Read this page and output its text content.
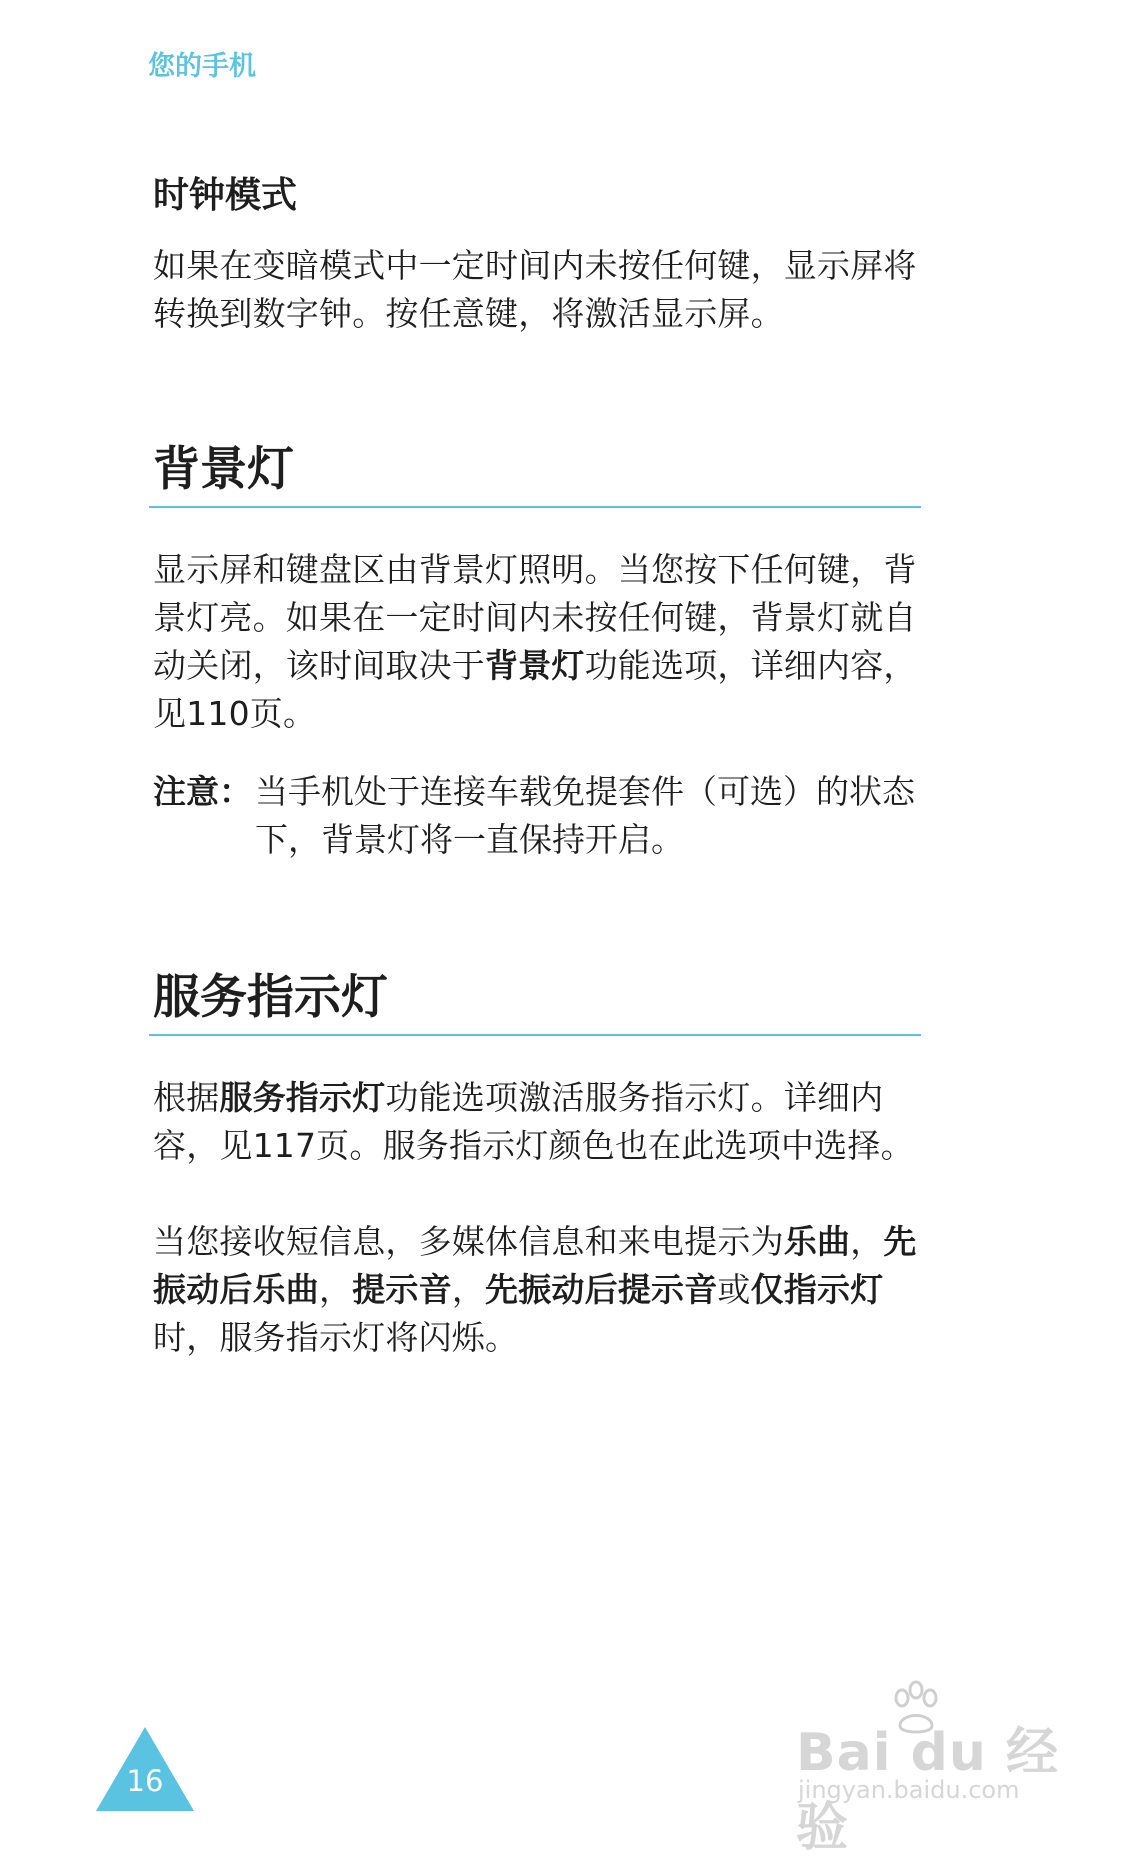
您的手机
时钟模式

如果在变暗模式中一定时间内未按任何键，显示屏将转换到数字钟。按任意键，将激活显示屏。

背景灯

显示屏和键盘区由背景灯照明。当您按下任何键，背景灯亮。如果在一定时间内未按任何键，背景灯就自动关闭，该时间取决于背景灯功能选项，详细内容，见110页。

注意： 当手机处于连接车载免提套件（可选）的状态下，背景灯将一直保持开启。
服务指示灯

根据服务指示灯功能选项激活服务指示灯。详细内容，见117页。服务指示灯颜色也在此选项中选择。

当您接收短信息，多媒体信息和来电提示为乐曲，先振动后乐曲，提示音，先振动后提示音或仅指示灯时，服务指示灯将闪烁。

16	Bai du 经验
jingyan.baidu.com
